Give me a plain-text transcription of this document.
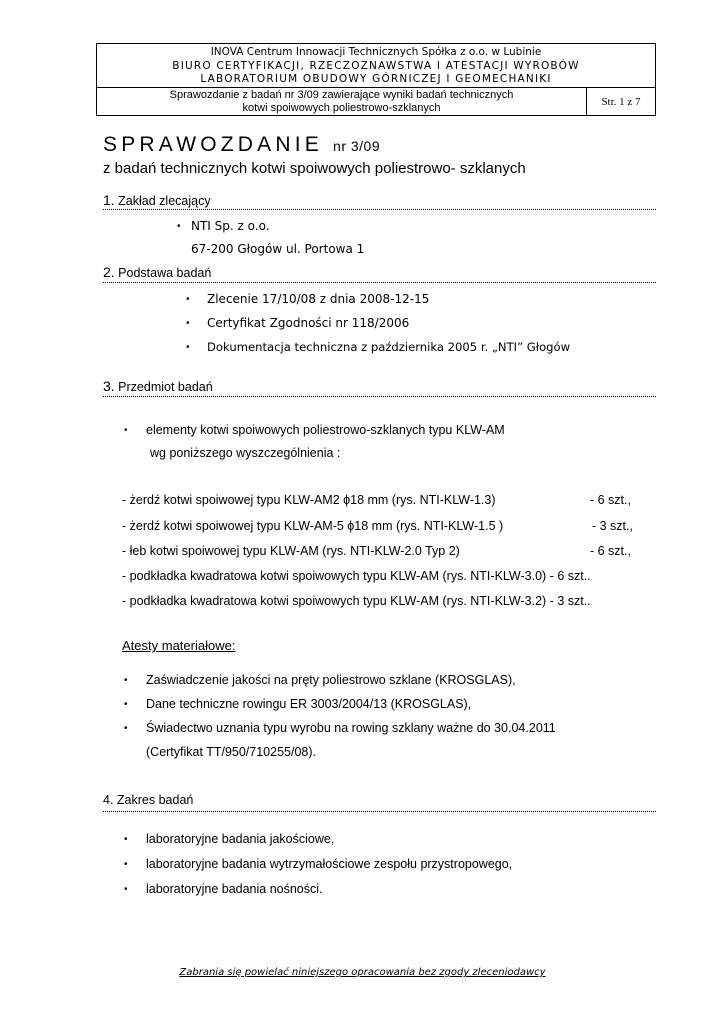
INOVA Centrum Innowacji Technicznych Spółka z o.o. w Lubinie
BIURO CERTYFIKACJI, RZECZOZNAWSTWA I ATESTACJI WYROBÓW
LABORATORIUM OBUDOWY GÓRNICZEJ I GEOMECHANIKI
Sprawozdanie z badań nr 3/09 zawierające wyniki badań technicznych
kotwi spoiwowych poliestrowo-szklanych	Str. 1 z 7
SPRAWOZDANIE nr 3/09
z badań technicznych kotwi spoiwowych poliestrowo- szklanych
1. Zakład zlecający
• NTI Sp. z o.o.
67-200 Głogów ul. Portowa 1
2. Podstawa badań
• Zlecenie 17/10/08 z dnia 2008-12-15
• Certyfikat Zgodności nr 118/2006
• Dokumentacja techniczna z października 2005 r. „NTI” Głogów
3. Przedmiot badań
• elementy kotwi spoiwowych poliestrowo-szklanych typu KLW-AM
wg poniższego wyszczególnienia :
- żerdź kotwi spoiwowej typu KLW-AM2 ϕ18 mm (rys. NTI-KLW-1.3)	- 6 szt.,
- żerdź kotwi spoiwowej typu KLW-AM-5 ϕ18 mm (rys. NTI-KLW-1.5 )	- 3 szt.,
- łeb kotwi spoiwowej typu KLW-AM (rys. NTI-KLW-2.0 Typ 2)	- 6 szt.,
- podkładka kwadratowa kotwi spoiwowych typu KLW-AM (rys. NTI-KLW-3.0) - 6 szt..
- podkładka kwadratowa kotwi spoiwowych typu KLW-AM (rys. NTI-KLW-3.2) - 3 szt..
Atesty materiałowe:
• Zaświadczenie jakości na pręty poliestrowo szklane (KROSGLAS),
• Dane techniczne rowingu ER 3003/2004/13 (KROSGLAS),
• Świadectwo uznania typu wyrobu na rowing szklany ważne do 30.04.2011
(Certyfikat TT/950/710255/08).
4. Zakres badań
• laboratoryjne badania jakościowe,
• laboratoryjne badania wytrzymałościowe zespołu przystropowego,
• laboratoryjne badania nośności.
Zabrania się powielać niniejszego opracowania bez zgody zleceniodawcy
